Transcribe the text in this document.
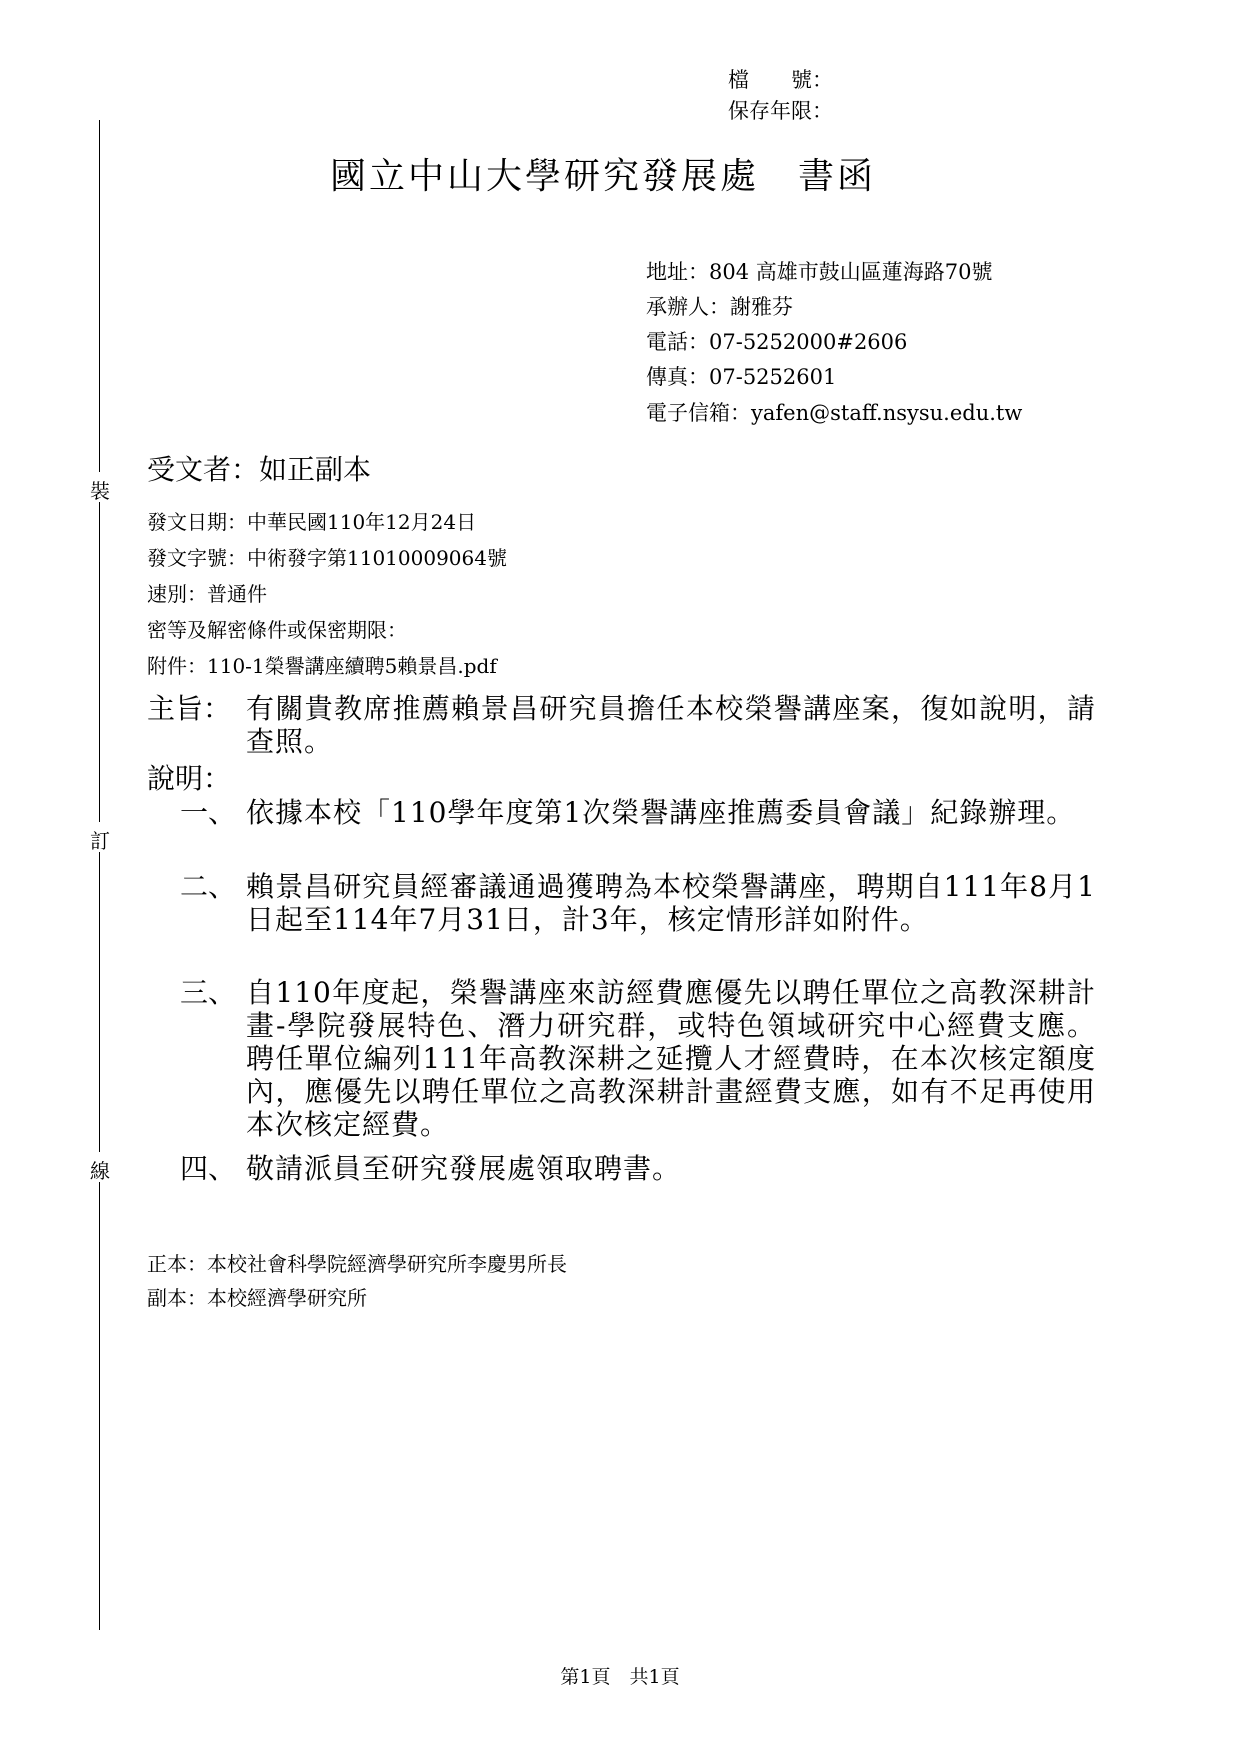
檔　　號：
保存年限：
裝
訂
線
國立中山大學研究發展處　書函
地址：804 高雄市鼓山區蓮海路70號
承辦人：謝雅芬
電話：07-5252000#2606
傳真：07-5252601
電子信箱：yafen@staff.nsysu.edu.tw
受文者：如正副本
發文日期：中華民國110年12月24日
發文字號：中術發字第11010009064號
速別：普通件
密等及解密條件或保密期限：
附件：110-1榮譽講座續聘5賴景昌.pdf
主旨： 有關貴教席推薦賴景昌研究員擔任本校榮譽講座案，復如說明，請查照。
說明：
一、 依據本校「110學年度第1次榮譽講座推薦委員會議」紀錄辦理。
二、 賴景昌研究員經審議通過獲聘為本校榮譽講座，聘期自111年8月1日起至114年7月31日，計3年，核定情形詳如附件。
三、 自110年度起，榮譽講座來訪經費應優先以聘任單位之高教深耕計畫-學院發展特色、潛力研究群，或特色領域研究中心經費支應。聘任單位編列111年高教深耕之延攬人才經費時，在本次核定額度內，應優先以聘任單位之高教深耕計畫經費支應，如有不足再使用本次核定經費。
四、 敬請派員至研究發展處領取聘書。
正本：本校社會科學院經濟學研究所李慶男所長
副本：本校經濟學研究所
第1頁　共1頁
